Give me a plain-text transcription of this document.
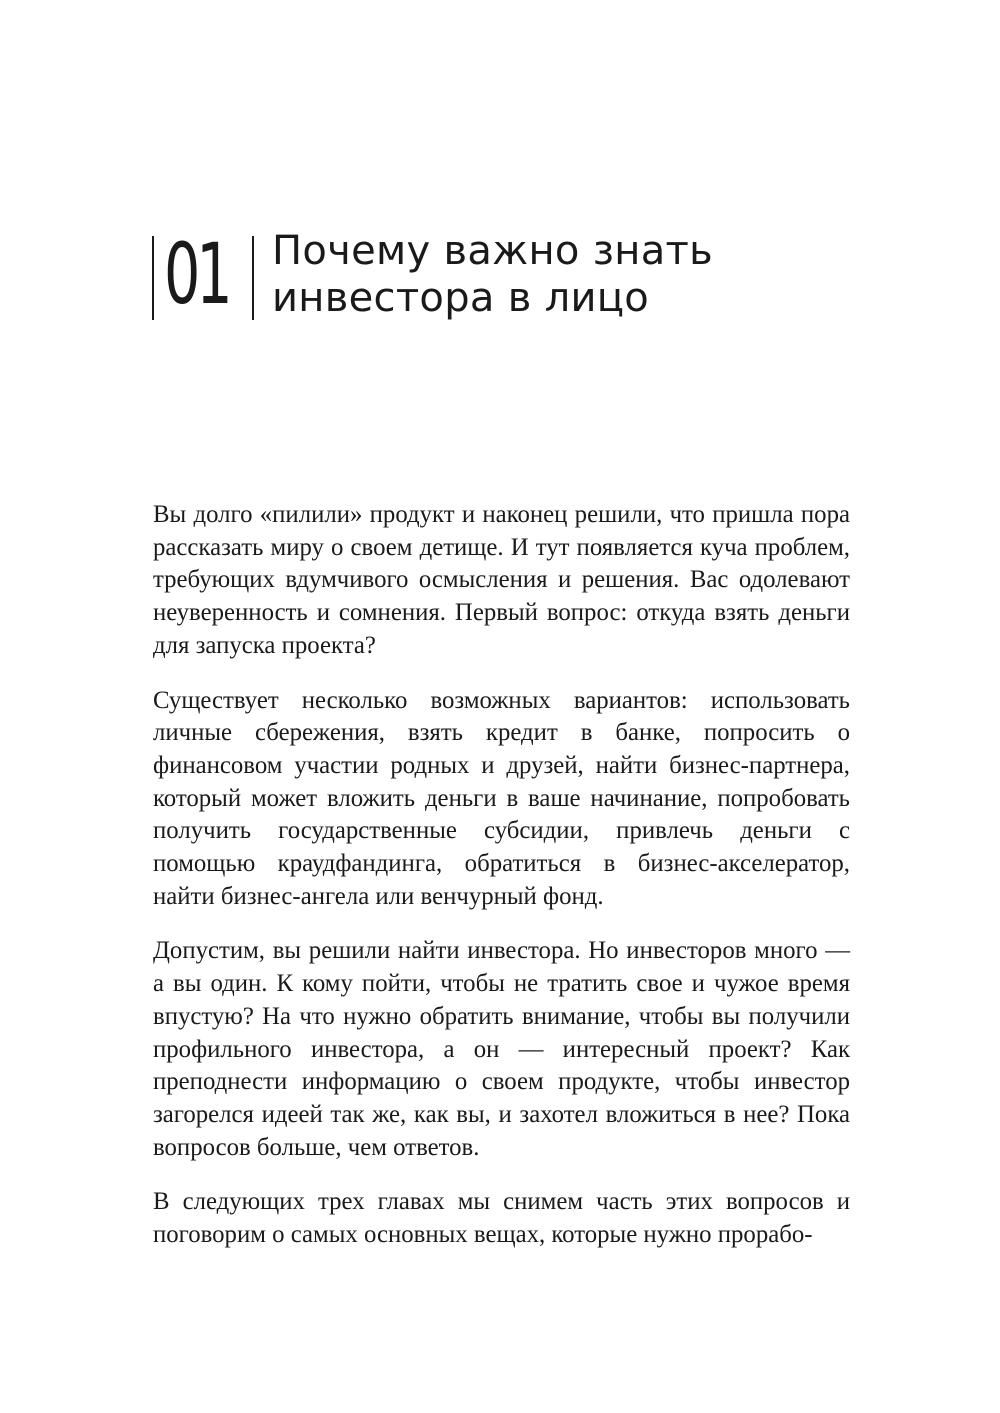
01 Почему важно знать
инвестора в лицо

Вы долго «пилили» продукт и наконец решили, что пришла пора рассказать миру о своем детище. И тут появляется куча проблем, требующих вдумчивого осмысления и решения. Вас одолевают неуверенность и сомнения. Первый вопрос: откуда взять деньги для запуска проекта?

Существует несколько возможных вариантов: использовать личные сбережения, взять кредит в банке, попросить о финансовом участии родных и друзей, найти бизнес-партнера, который может вложить деньги в ваше начинание, попробовать получить государственные субсидии, привлечь деньги с помощью краудфандинга, обратиться в бизнес-акселератор, найти бизнес-ангела или венчурный фонд.

Допустим, вы решили найти инвестора. Но инвесторов много — а вы один. К кому пойти, чтобы не тратить свое и чужое время впустую? На что нужно обратить внимание, чтобы вы получили профильного инвестора, а он — интересный проект? Как преподнести информацию о своем продукте, чтобы инвестор загорелся идеей так же, как вы, и захотел вложиться в нее? Пока вопросов больше, чем ответов.

В следующих трех главах мы снимем часть этих вопросов и поговорим о самых основных вещах, которые нужно прорабо-
